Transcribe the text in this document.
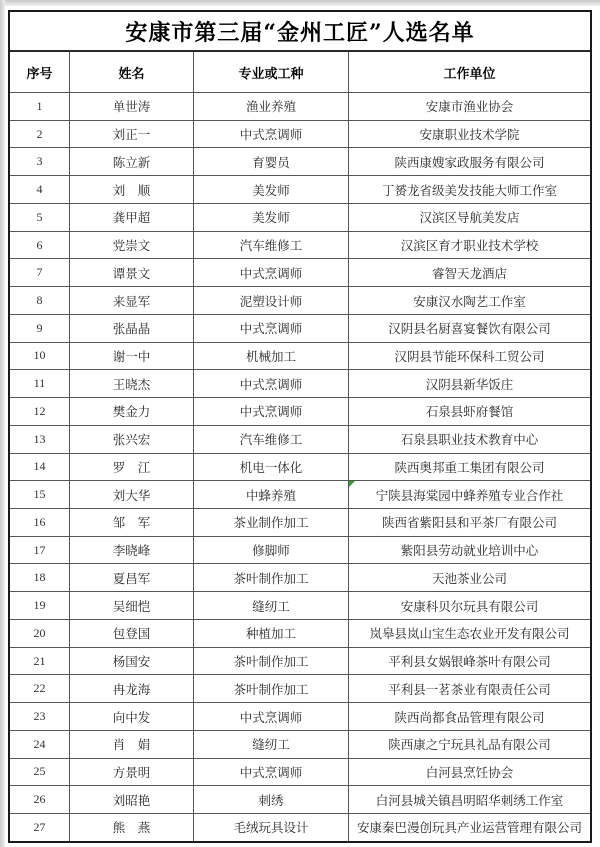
安康市第三届“金州工匠”人选名单
序号	姓名	专业或工种	工作单位
1	单世涛	渔业养殖	安康市渔业协会
2	刘正一	中式烹调师	安康职业技术学院
3	陈立新	育婴员	陕西康嫂家政服务有限公司
4	刘　顺	美发师	丁赟龙省级美发技能大师工作室
5	龚甲超	美发师	汉滨区导航美发店
6	党崇文	汽车维修工	汉滨区育才职业技术学校
7	谭景文	中式烹调师	睿智天龙酒店
8	来显军	泥塑设计师	安康汉水陶艺工作室
9	张晶晶	中式烹调师	汉阴县名厨喜宴餐饮有限公司
10	谢一中	机械加工	汉阴县节能环保科工贸公司
11	王晓杰	中式烹调师	汉阴县新华饭庄
12	樊金力	中式烹调师	石泉县虾府餐馆
13	张兴宏	汽车维修工	石泉县职业技术教育中心
14	罗　江	机电一体化	陕西奥邦重工集团有限公司
15	刘大华	中蜂养殖	宁陕县海棠园中蜂养殖专业合作社
16	邹　军	茶业制作加工	陕西省紫阳县和平茶厂有限公司
17	李晓峰	修脚师	紫阳县劳动就业培训中心
18	夏昌军	茶叶制作加工	天池茶业公司
19	吴细恺	缝纫工	安康科贝尔玩具有限公司
20	包登国	种植加工	岚皋县岚山宝生态农业开发有限公司
21	杨国安	茶叶制作加工	平利县女娲银峰茶叶有限公司
22	冉龙海	茶叶制作加工	平利县一茗茶业有限责任公司
23	向中发	中式烹调师	陕西尚都食品管理有限公司
24	肖　娟	缝纫工	陕西康之宁玩具礼品有限公司
25	方景明	中式烹调师	白河县烹饪协会
26	刘昭艳	刺绣	白河县城关镇昌明昭华刺绣工作室
27	熊　燕	毛绒玩具设计	安康秦巴漫创玩具产业运营管理有限公司
